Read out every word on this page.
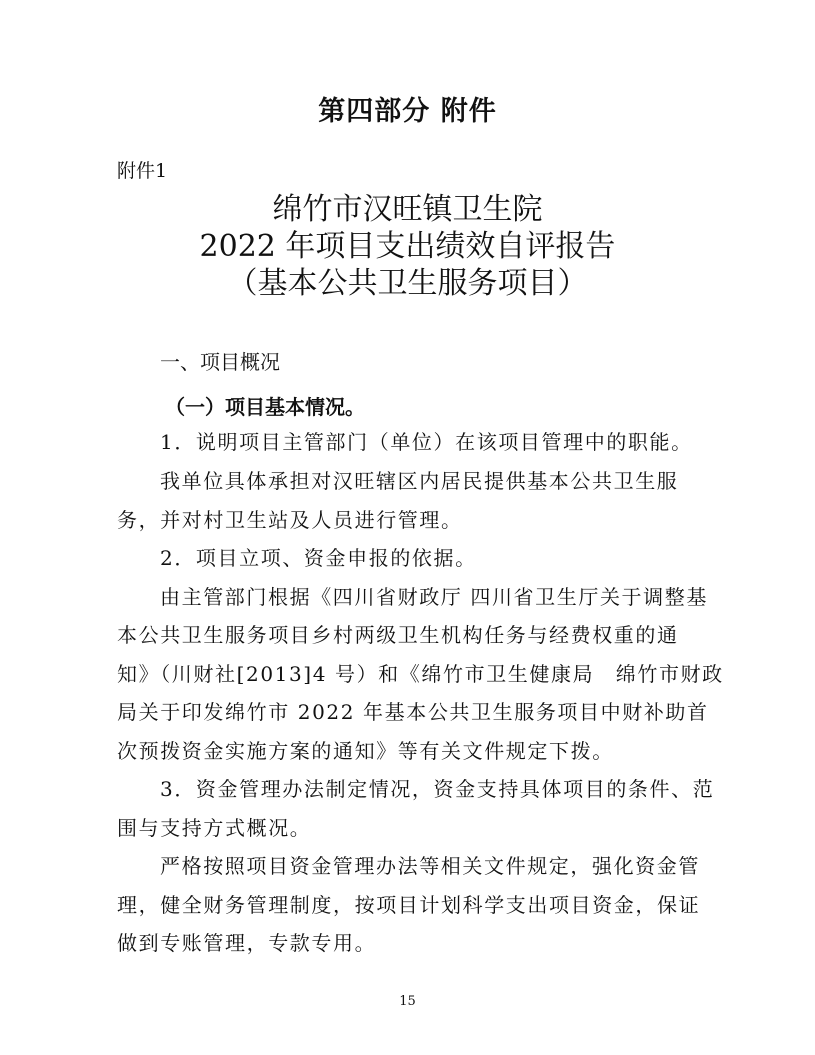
第四部分 附件
附件1
绵竹市汉旺镇卫生院
2022 年项目支出绩效自评报告
（基本公共卫生服务项目）
一、项目概况
（一）项目基本情况。
1．说明项目主管部门（单位）在该项目管理中的职能。
我单位具体承担对汉旺辖区内居民提供基本公共卫生服
务，并对村卫生站及人员进行管理。
2．项目立项、资金申报的依据。
由主管部门根据《四川省财政厅 四川省卫生厅关于调整基
本公共卫生服务项目乡村两级卫生机构任务与经费权重的通
知》（川财社[2013]4 号）和《绵竹市卫生健康局　绵竹市财政
局关于印发绵竹市 2022 年基本公共卫生服务项目中财补助首
次预拨资金实施方案的通知》等有关文件规定下拨。
3．资金管理办法制定情况，资金支持具体项目的条件、范
围与支持方式概况。
严格按照项目资金管理办法等相关文件规定，强化资金管
理，健全财务管理制度，按项目计划科学支出项目资金，保证
做到专账管理，专款专用。
15
